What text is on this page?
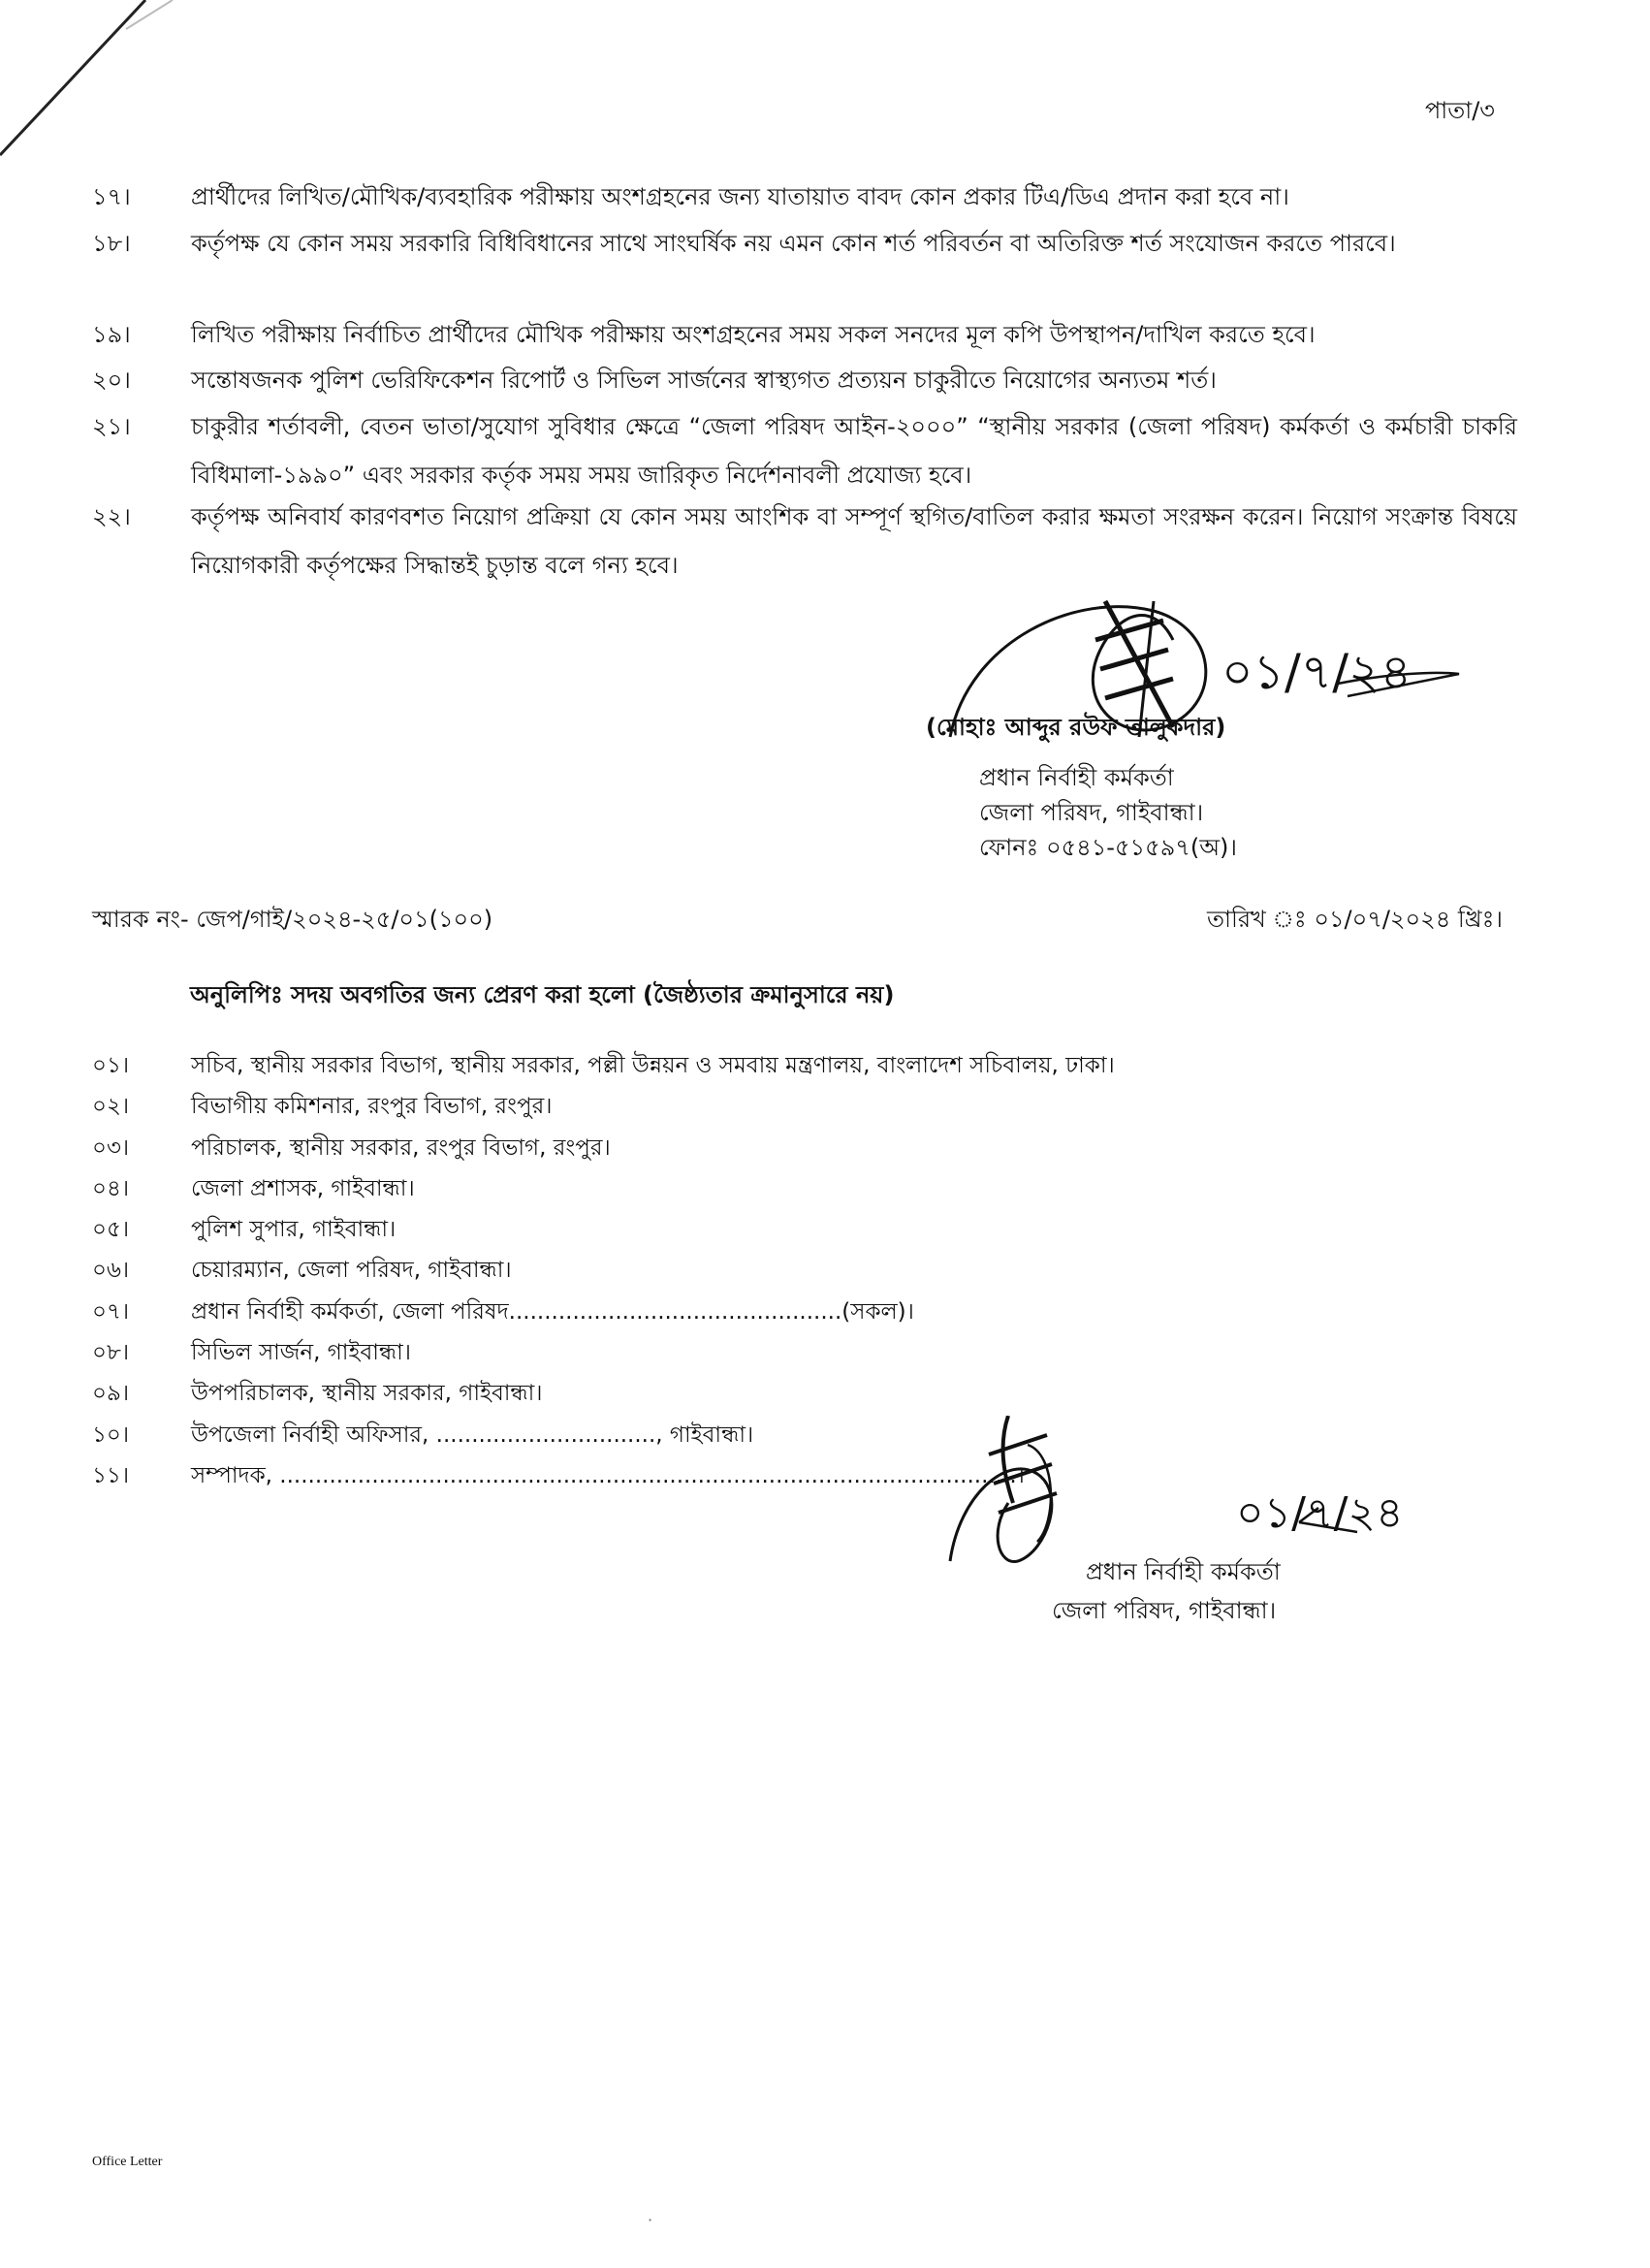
পাতা/৩
১৭।	প্রার্থীদের লিখিত/মৌখিক/ব্যবহারিক পরীক্ষায় অংশগ্রহনের জন্য যাতায়াত বাবদ কোন প্রকার টিএ/ডিএ প্রদান করা হবে না।
১৮।	কর্তৃপক্ষ যে কোন সময় সরকারি বিধিবিধানের সাথে সাংঘর্ষিক নয় এমন কোন শর্ত পরিবর্তন বা অতিরিক্ত শর্ত সংযোজন করতে পারবে।
১৯।	লিখিত পরীক্ষায় নির্বাচিত প্রার্থীদের মৌখিক পরীক্ষায় অংশগ্রহনের সময় সকল সনদের মূল কপি উপস্থাপন/দাখিল করতে হবে।
২০।	সন্তোষজনক পুলিশ ভেরিফিকেশন রিপোর্ট ও সিভিল সার্জনের স্বাস্থ্যগত প্রত্যয়ন চাকুরীতে নিয়োগের অন্যতম শর্ত।
২১।	চাকুরীর শর্তাবলী, বেতন ভাতা/সুযোগ সুবিধার ক্ষেত্রে “জেলা পরিষদ আইন-২০০০” “স্থানীয় সরকার (জেলা পরিষদ) কর্মকর্তা ও কর্মচারী চাকরি বিধিমালা-১৯৯০” এবং সরকার কর্তৃক সময় সময় জারিকৃত নির্দেশনাবলী প্রযোজ্য হবে।
২২।	কর্তৃপক্ষ অনিবার্য কারণবশত নিয়োগ প্রক্রিয়া যে কোন সময় আংশিক বা সম্পূর্ণ স্থগিত/বাতিল করার ক্ষমতা সংরক্ষন করেন। নিয়োগ সংক্রান্ত বিষয়ে নিয়োগকারী কর্তৃপক্ষের সিদ্ধান্তই চুড়ান্ত বলে গন্য হবে।
০১/৭/২৪
(মোহাঃ আব্দুর রউফ তালুকদার)
প্রধান নির্বাহী কর্মকর্তা
জেলা পরিষদ, গাইবান্ধা।
ফোনঃ ০৫৪১-৫১৫৯৭(অ)।
স্মারক নং- জেপ/গাই/২০২৪-২৫/০১(১০০)	তারিখ ঃ ০১/০৭/২০২৪ খ্রিঃ।
অনুলিপিঃ সদয় অবগতির জন্য প্রেরণ করা হলো (জৈষ্ঠ্যতার ক্রমানুসারে নয়)
০১।	সচিব, স্থানীয় সরকার বিভাগ, স্থানীয় সরকার, পল্লী উন্নয়ন ও সমবায় মন্ত্রণালয়, বাংলাদেশ সচিবালয়, ঢাকা।
০২।	বিভাগীয় কমিশনার, রংপুর বিভাগ, রংপুর।
০৩।	পরিচালক, স্থানীয় সরকার, রংপুর বিভাগ, রংপুর।
০৪।	জেলা প্রশাসক, গাইবান্ধা।
০৫।	পুলিশ সুপার, গাইবান্ধা।
০৬।	চেয়ারম্যান, জেলা পরিষদ, গাইবান্ধা।
০৭।	প্রধান নির্বাহী কর্মকর্তা, জেলা পরিষদ...............................................(সকল)।
০৮।	সিভিল সার্জন, গাইবান্ধা।
০৯।	উপপরিচালক, স্থানীয় সরকার, গাইবান্ধা।
১০।	উপজেলা নির্বাহী অফিসার, ..............................., গাইবান্ধা।
১১।	সম্পাদক, ........................................................................................................।
০১/৭/২৪
প্রধান নির্বাহী কর্মকর্তা
জেলা পরিষদ, গাইবান্ধা।
Office Letter
·
